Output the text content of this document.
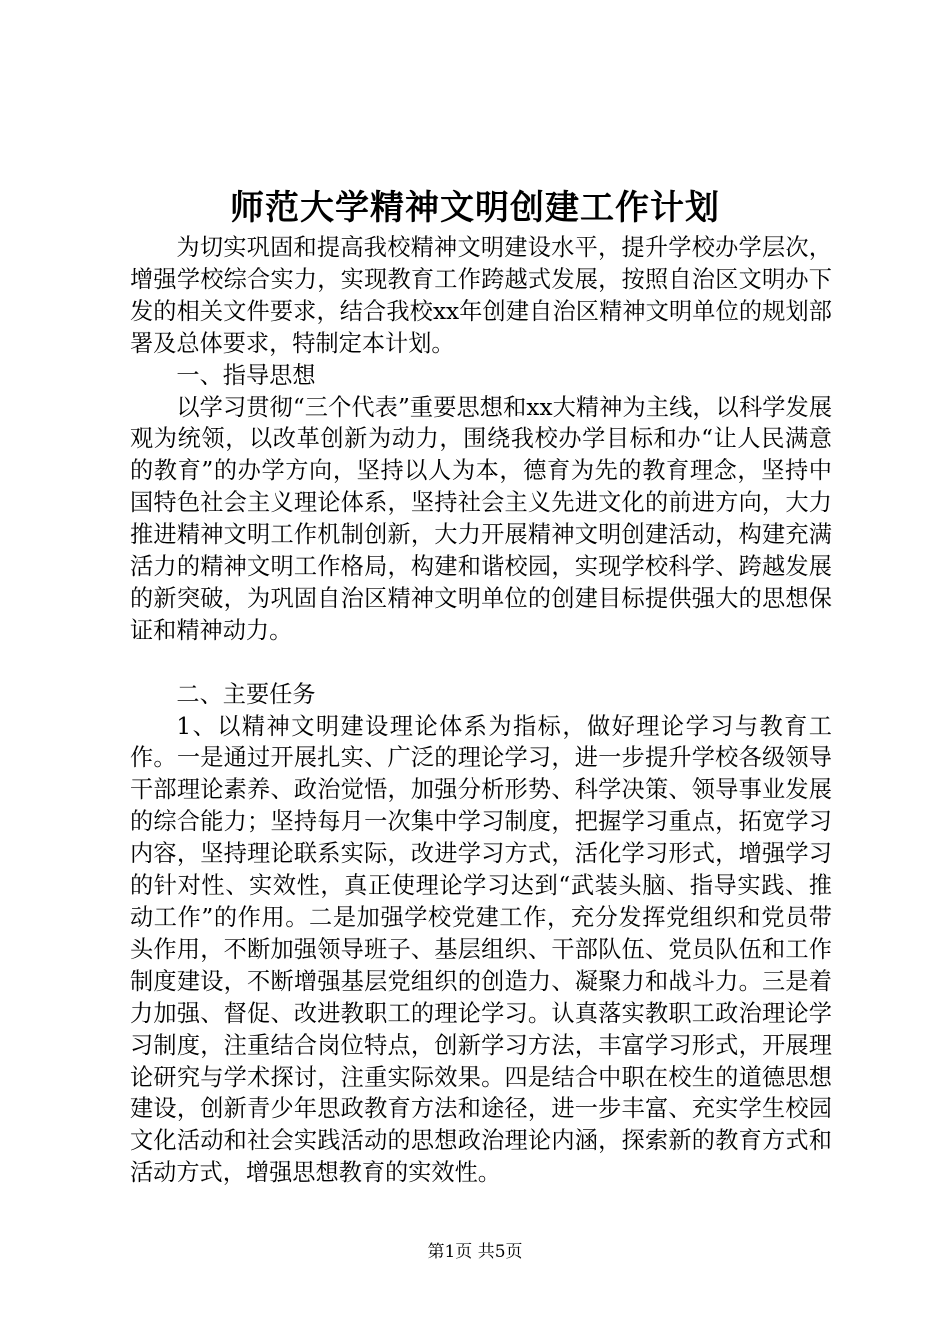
师范大学精神文明创建工作计划

为切实巩固和提高我校精神文明建设水平，提升学校办学层次，增强学校综合实力，实现教育工作跨越式发展，按照自治区文明办下发的相关文件要求，结合我校xx年创建自治区精神文明单位的规划部署及总体要求，特制定本计划。

一、指导思想

以学习贯彻“三个代表”重要思想和xx大精神为主线，以科学发展观为统领，以改革创新为动力，围绕我校办学目标和办“让人民满意的教育”的办学方向，坚持以人为本，德育为先的教育理念，坚持中国特色社会主义理论体系，坚持社会主义先进文化的前进方向，大力推进精神文明工作机制创新，大力开展精神文明创建活动，构建充满活力的精神文明工作格局，构建和谐校园，实现学校科学、跨越发展的新突破，为巩固自治区精神文明单位的创建目标提供强大的思想保证和精神动力。

二、主要任务

1、以精神文明建设理论体系为指标，做好理论学习与教育工作。一是通过开展扎实、广泛的理论学习，进一步提升学校各级领导干部理论素养、政治觉悟，加强分析形势、科学决策、领导事业发展的综合能力；坚持每月一次集中学习制度，把握学习重点，拓宽学习内容，坚持理论联系实际，改进学习方式，活化学习形式，增强学习的针对性、实效性，真正使理论学习达到“武装头脑、指导实践、推动工作”的作用。二是加强学校党建工作，充分发挥党组织和党员带头作用，不断加强领导班子、基层组织、干部队伍、党员队伍和工作制度建设，不断增强基层党组织的创造力、凝聚力和战斗力。三是着力加强、督促、改进教职工的理论学习。认真落实教职工政治理论学习制度，注重结合岗位特点，创新学习方法，丰富学习形式，开展理论研究与学术探讨，注重实际效果。四是结合中职在校生的道德思想建设，创新青少年思政教育方法和途径，进一步丰富、充实学生校园文化活动和社会实践活动的思想政治理论内涵，探索新的教育方式和活动方式，增强思想教育的实效性。

第1页 共5页
